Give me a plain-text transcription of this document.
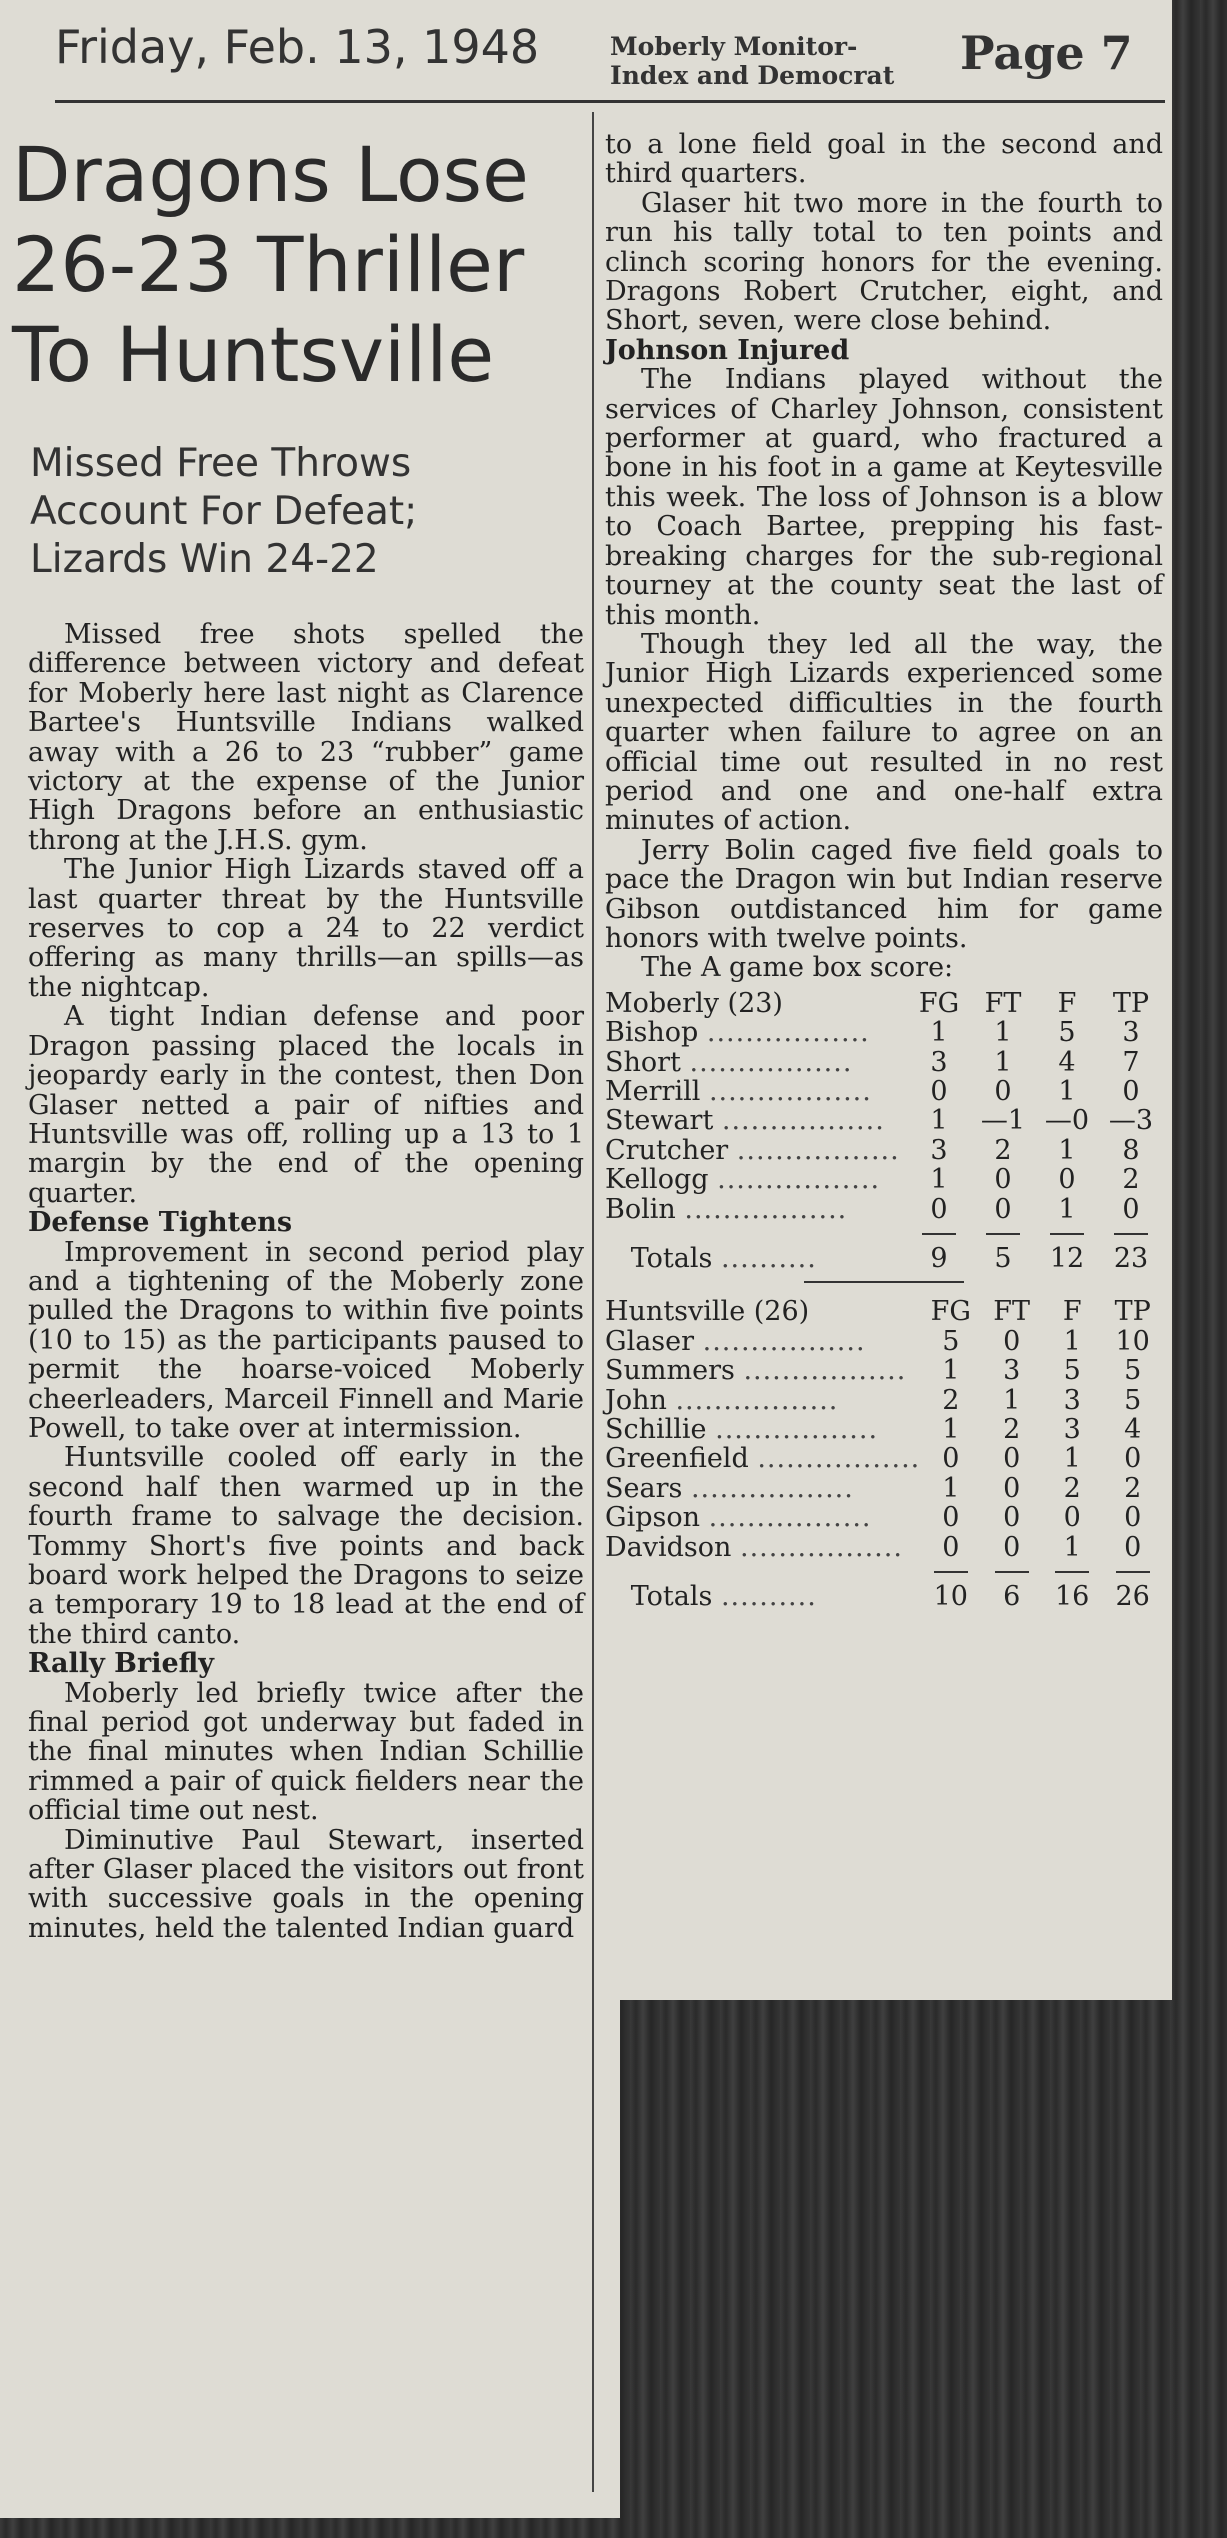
Friday, Feb. 13, 1948	Moberly Monitor-
Index and Democrat Page 7
Dragons Lose
26-23 Thriller
To Huntsville
Missed Free Throws
Account For Defeat;
Lizards Win 24-22

Missed free shots spelled the difference between victory and defeat for Moberly here last night as Clarence Bartee's Huntsville Indians walked away with a 26 to 23 “rubber” game victory at the expense of the Junior High Dragons before an enthusiastic throng at the J.H.S. gym.

The Junior High Lizards staved off a last quarter threat by the Huntsville reserves to cop a 24 to 22 verdict offering as many thrills—an spills—as the nightcap.

A tight Indian defense and poor Dragon passing placed the locals in jeopardy early in the contest, then Don Glaser netted a pair of nifties and Huntsville was off, rolling up a 13 to 1 margin by the end of the opening quarter.

Defense Tightens

Improvement in second period play and a tightening of the Moberly zone pulled the Dragons to within five points (10 to 15) as the participants paused to permit the hoarse-voiced Moberly cheerleaders, Marceil Finnell and Marie Powell, to take over at intermission.

Huntsville cooled off early in the second half then warmed up in the fourth frame to salvage the decision. Tommy Short's five points and back board work helped the Dragons to seize a temporary 19 to 18 lead at the end of the third canto.

Rally Briefly

Moberly led briefly twice after the final period got underway but faded in the final minutes when Indian Schillie rimmed a pair of quick fielders near the official time out nest.

Diminutive Paul Stewart, inserted after Glaser placed the visitors out front with successive goals in the opening minutes, held the talented Indian guard

to a lone field goal in the second and third quarters.

Glaser hit two more in the fourth to run his tally total to ten points and clinch scoring honors for the evening. Dragons Robert Crutcher, eight, and Short, seven, were close behind.

Johnson Injured

The Indians played without the services of Charley Johnson, consistent performer at guard, who fractured a bone in his foot in a game at Keytesville this week. The loss of Johnson is a blow to Coach Bartee, prepping his fast-breaking charges for the sub-regional tourney at the county seat the last of this month.

Though they led all the way, the Junior High Lizards experienced some unexpected difficulties in the fourth quarter when failure to agree on an official time out resulted in no rest period and one and one-half extra minutes of action.

Jerry Bolin caged five field goals to pace the Dragon win but Indian reserve Gibson outdistanced him for game honors with twelve points.

The A game box score:

Moberly (23)	FG	FT	F	TP
Bishop .................	1	1	5	3
Short .................	3	1	4	7
Merrill .................	0	0	1	0
Stewart .................	1	—1	—0	—3
Crutcher .................	3	2	1	8
Kellogg .................	1	0	0	2
Bolin .................	0	0	1	0

Totals ..........	9	5	12	23
Huntsville (26)	FG	FT	F	TP
Glaser .................	5	0	1	10
Summers .................	1	3	5	5
John .................	2	1	3	5
Schillie .................	1	2	3	4
Greenfield .................	0	0	1	0
Sears .................	1	0	2	2
Gipson .................	0	0	0	0
Davidson .................	0	0	1	0

Totals ..........	10	6	16	26
